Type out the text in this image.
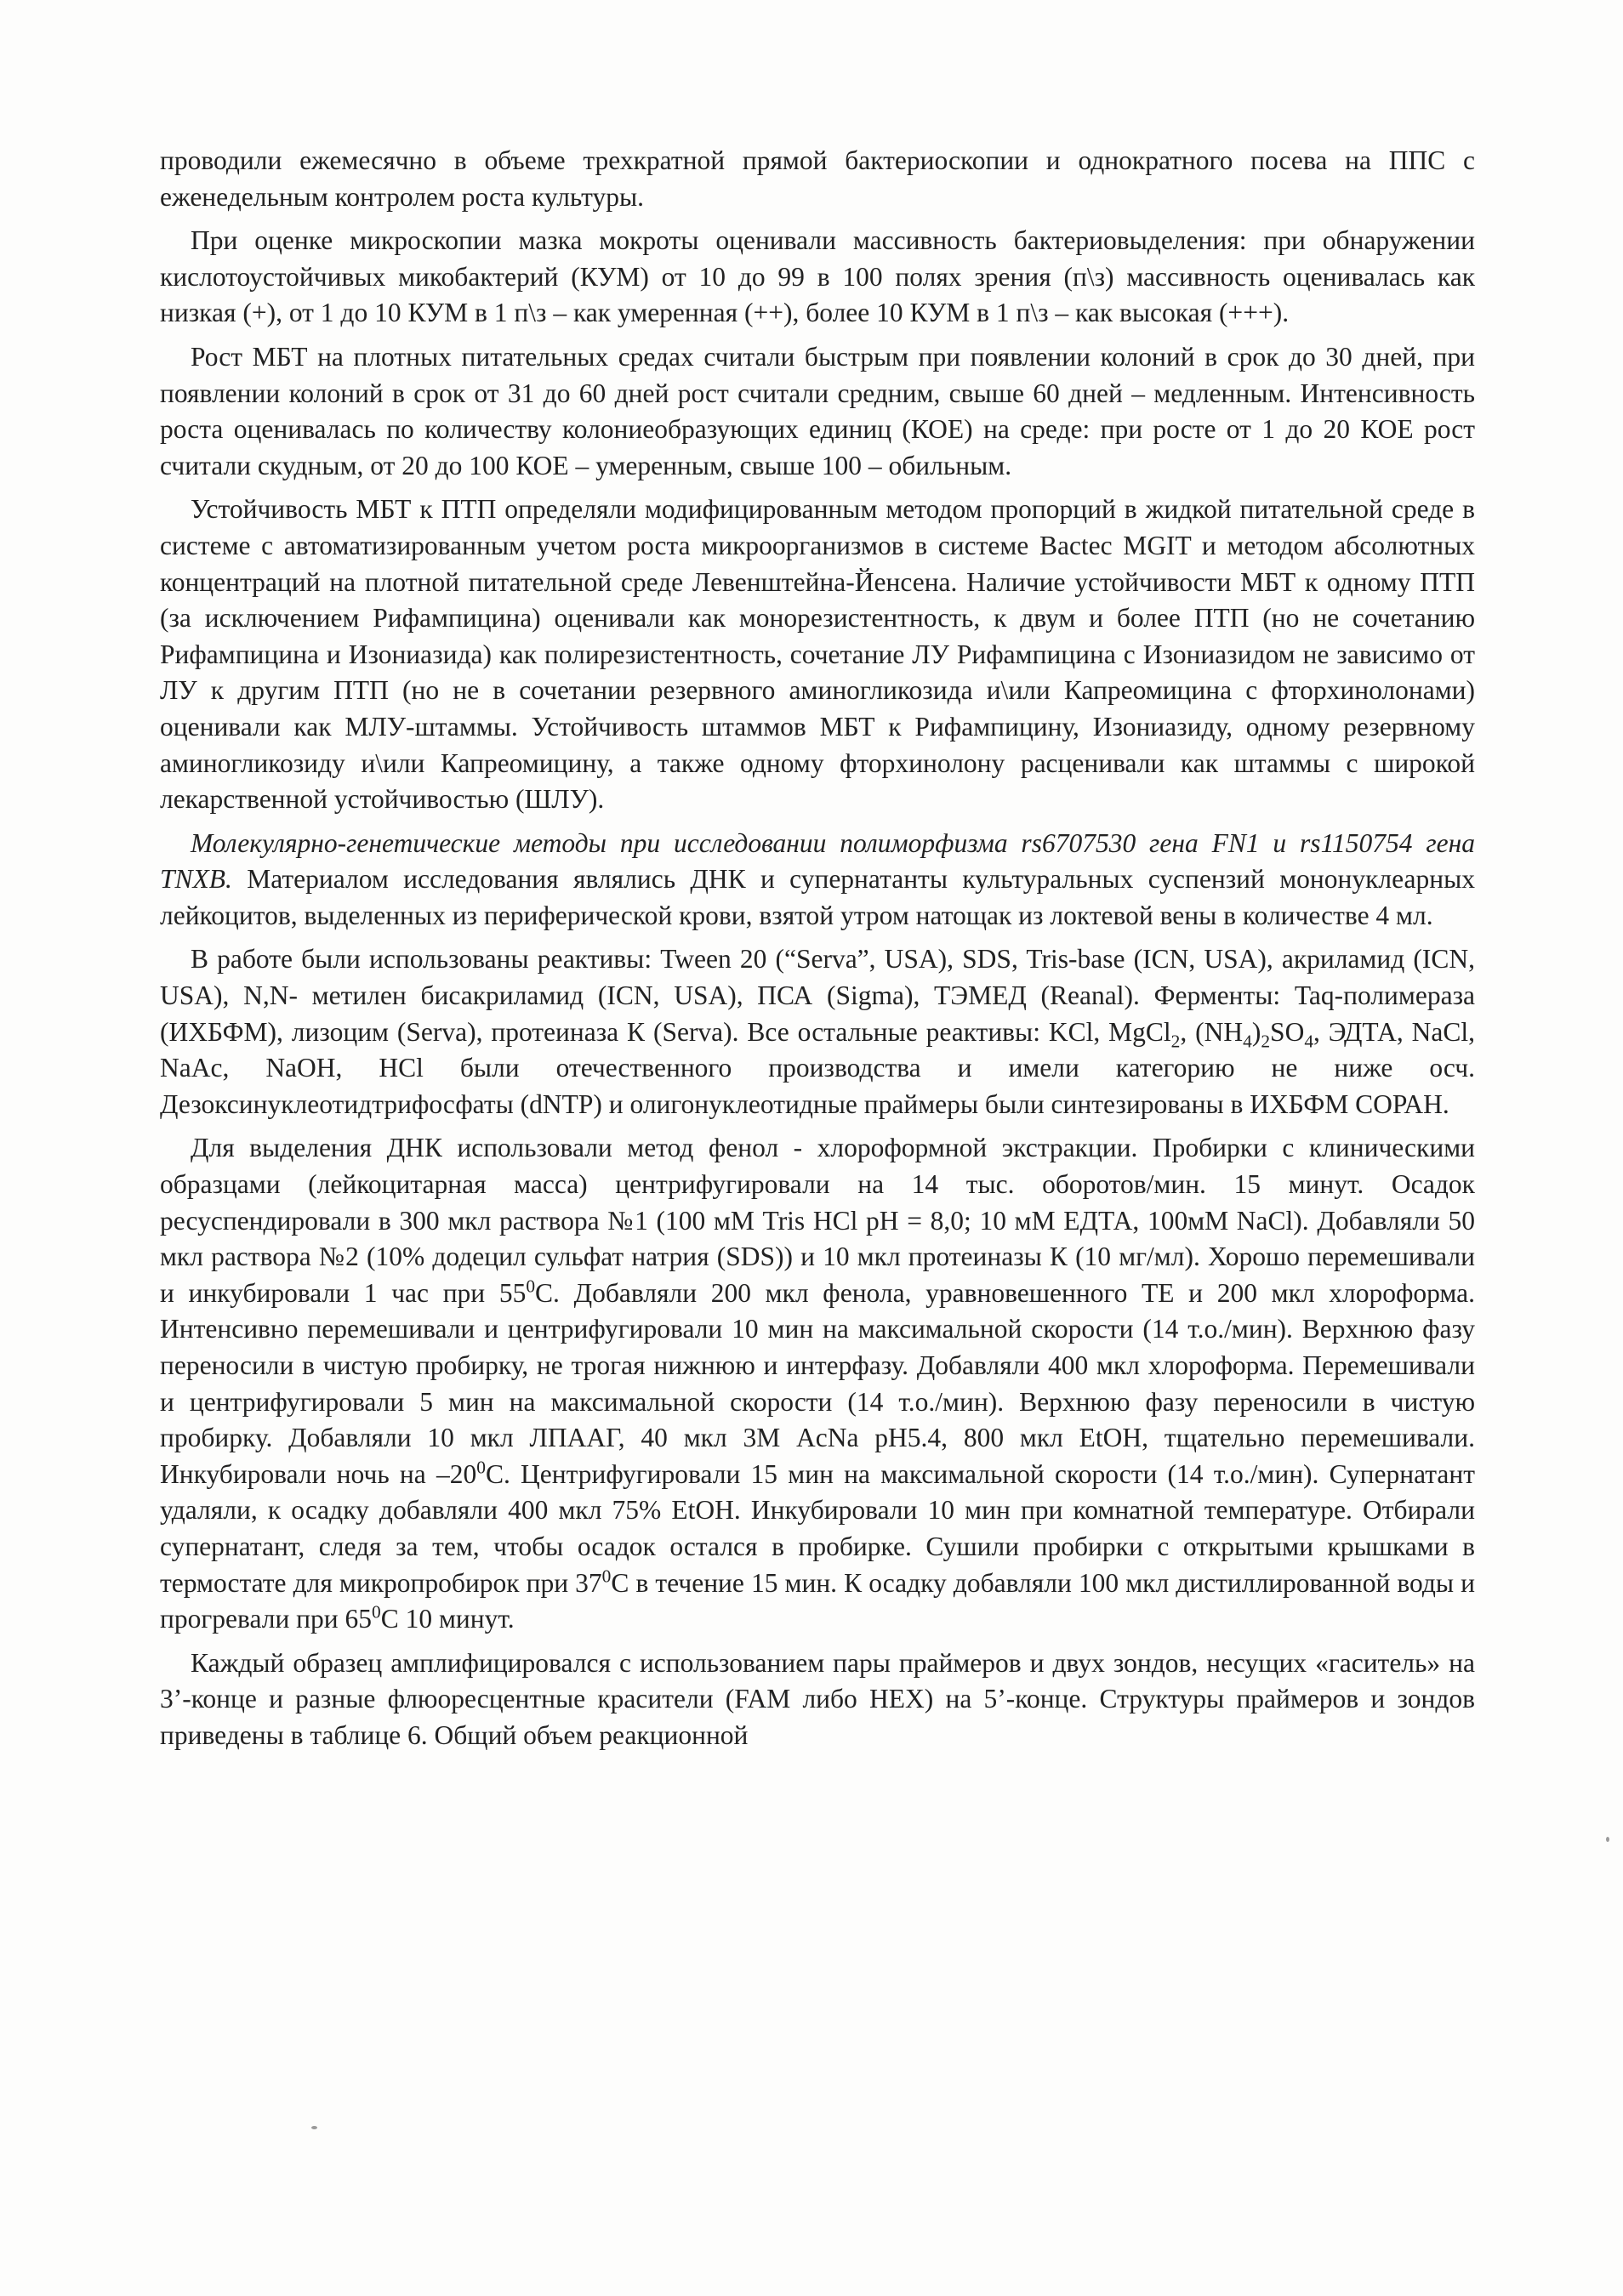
проводили ежемесячно в объеме трехкратной прямой бактериоскопии и однократного посева на ППС с еженедельным контролем роста культуры.

При оценке микроскопии мазка мокроты оценивали массивность бактериовыделения: при обнаружении кислотоустойчивых микобактерий (КУМ) от 10 до 99 в 100 полях зрения (п\з) массивность оценивалась как низкая (+), от 1 до 10 КУМ в 1 п\з – как умеренная (++), более 10 КУМ в 1 п\з – как высокая (+++).

Рост МБТ на плотных питательных средах считали быстрым при появлении колоний в срок до 30 дней, при появлении колоний в срок от 31 до 60 дней рост считали средним, свыше 60 дней – медленным. Интенсивность роста оценивалась по количеству колониеобразующих единиц (КОЕ) на среде: при росте от 1 до 20 КОЕ рост считали скудным, от 20 до 100 КОЕ – умеренным, свыше 100 – обильным.

Устойчивость МБТ к ПТП определяли модифицированным методом пропорций в жидкой питательной среде в системе с автоматизированным учетом роста микроорганизмов в системе Bactec MGIT и методом абсолютных концентраций на плотной питательной среде Левенштейна-Йенсена. Наличие устойчивости МБТ к одному ПТП (за исключением Рифампицина) оценивали как монорезистентность, к двум и более ПТП (но не сочетанию Рифампицина и Изониазида) как полирезистентность, сочетание ЛУ Рифампицина с Изониазидом не зависимо от ЛУ к другим ПТП (но не в сочетании резервного аминогликозида и\или Капреомицина с фторхинолонами) оценивали как МЛУ-штаммы. Устойчивость штаммов МБТ к Рифампицину, Изониазиду, одному резервному аминогликозиду и\или Капреомицину, а также одному фторхинолону расценивали как штаммы с широкой лекарственной устойчивостью (ШЛУ).

Молекулярно-генетические методы при исследовании полиморфизма rs6707530 гена FN1 и rs1150754 гена TNXB. Материалом исследования являлись ДНК и супернатанты культуральных суспензий мононуклеарных лейкоцитов, выделенных из периферической крови, взятой утром натощак из локтевой вены в количестве 4 мл.

В работе были использованы реактивы: Tween 20 (“Serva”, USA), SDS, Tris-base (ICN, USA), акриламид (ICN, USA), N,N- метилен бисакриламид (ICN, USA), ПСА (Sigma), ТЭМЕД (Reanal). Ферменты: Taq-полимераза (ИХБФМ), лизоцим (Serva), протеиназа К (Serva). Все остальные реактивы: KCl, MgCl$_2$, $(NH_4)_2SO_4$, ЭДТА, NaCl, NaAc, NaOH, HCl были отечественного производства и имели категорию не ниже осч. Дезоксинуклеотидтрифосфаты (dNTP) и олигонуклеотидные праймеры были синтезированы в ИХБФМ СОРАН.

Для выделения ДНК использовали метод фенол - хлороформной экстракции. Пробирки с клиническими образцами (лейкоцитарная масса) центрифугировали на 14 тыс. оборотов/мин. 15 минут. Осадок ресуспендировали в 300 мкл раствора №1 (100 мМ Tris HCl pH = 8,0; 10 мМ ЕДТА, 100мМ NaCl). Добавляли 50 мкл раствора №2 (10% додецил сульфат натрия (SDS)) и 10 мкл протеиназы К (10 мг/мл). Хорошо перемешивали и инкубировали 1 час при $55^0С$. Добавляли 200 мкл фенола, уравновешенного ТЕ и 200 мкл хлороформа. Интенсивно перемешивали и центрифугировали 10 мин на максимальной скорости (14 т.о./мин). Верхнюю фазу переносили в чистую пробирку, не трогая нижнюю и интерфазу. Добавляли 400 мкл хлороформа. Перемешивали и центрифугировали 5 мин на максимальной скорости (14 т.о./мин). Верхнюю фазу переносили в чистую пробирку. Добавляли 10 мкл ЛПААГ, 40 мкл 3М AcNa pH5.4, 800 мкл EtOH, тщательно перемешивали. Инкубировали ночь на $-20^0С$. Центрифугировали 15 мин на максимальной скорости (14 т.о./мин). Супернатант удаляли, к осадку добавляли 400 мкл 75% EtOH. Инкубировали 10 мин при комнатной температуре. Отбирали супернатант, следя за тем, чтобы осадок остался в пробирке. Сушили пробирки с открытыми крышками в термостате для микропробирок при $37^0С$ в течение 15 мин. К осадку добавляли 100 мкл дистиллированной воды и прогревали при $65^0С$ 10 минут.

Каждый образец амплифицировался с использованием пары праймеров и двух зондов, несущих «гаситель» на 3’-конце и разные флюоресцентные красители (FAM либо HEX) на 5’-конце. Структуры праймеров и зондов приведены в таблице 6. Общий объем реакционной
